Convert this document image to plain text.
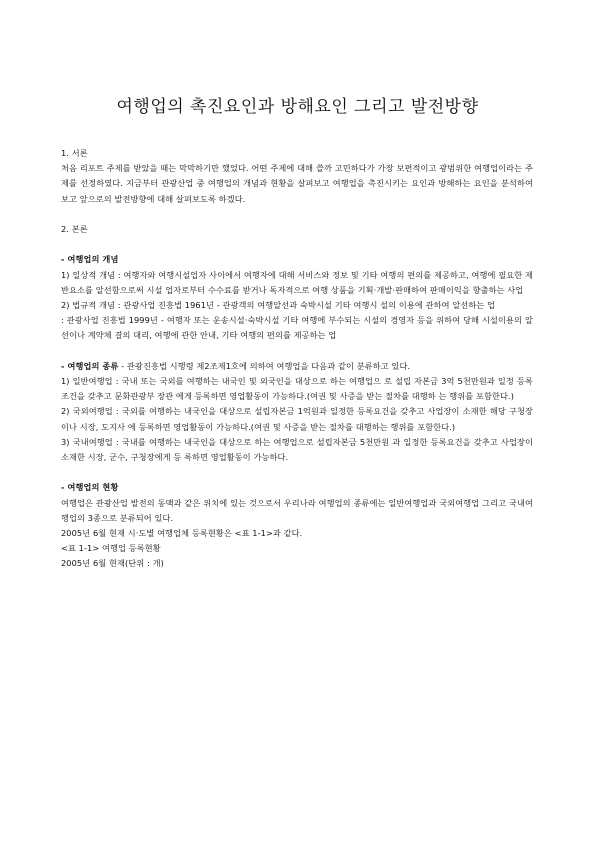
여행업의 촉진요인과 방해요인 그리고 발전방향

1. 서론

처음 리포트 주제를 받았을 때는 막막하기만 했었다. 어떤 주제에 대해 쓸까 고민하다가 가장 보편적이고 광범위한 여행업이라는 주제를 선정하였다. 지금부터 관광산업 중 여행업의 개념과 현황을 살펴보고 여행업을 촉진시키는 요인과 방해하는 요인을 분석하여보고 앞으로의 발전방향에 대해 살펴보도록 하겠다.

2. 본론

- 여행업의 개념

1) 일상적 개념 : 여행자와 여행시설업자 사이에서 여행자에 대해 서비스와 정보 및 기타 여행의 편의를 제공하고, 여행에 필요한 제반요소를 알선함으로써 시설 업자로부터 수수료를 받거나 독자적으로 여행 상품을 기획·개발·판매하여 판매이익을 향출하는 사업

2) 법규적 개념 : 관광사업 진흥법 1961년 - 관광객의 여행알선과 숙박시설 기타 여행시 설의 이용에 관하여 알선하는 업

: 관광사업 진흥법 1999년 - 여행자 또는 운송시설·숙박시설 기타 여행에 부수되는 시설의 경영자 등을 위하여 당해 시설이용의 알선이나 계약체 결의 대리, 여행에 관한 안내, 기타 여행의 편의를 제공하는 업

- 여행업의 종류 - 관광진흥법 시행령 제2조제1호에 의하여 여행업을 다음과 같이 분류하고 있다.

1) 일반여행업 : 국내 또는 국외를 여행하는 내국인 및 외국인을 대상으로 하는 여행업으 로 설립 자본금 3억 5천만원과 일정 등록조건을 갖추고 문화관광부 장관 에게 등록하면 영업활동이 가능하다.(여권 및 사증을 받는 절차를 대행하 는 행위를 포함한다.)

2) 국외여행업 : 국외를 여행하는 내국인을 대상으로 설립자본금 1억원과 일정한 등록요건을 갖추고 사업장이 소재한 해당 구청장이나 시장, 도지사 에 등록하면 영업활동이 가능하다.(여권 및 사증을 받는 절차를 대행하는 행위를 포함한다.)

3) 국내여행업 : 국내를 여행하는 내국인을 대상으로 하는 여행업으로 설립자본금 5천만원 과 일정한 등록요건을 갖추고 사업장이 소재한 시장, 군수, 구청장에게 등 록하면 영업활동이 가능하다.

- 여행업의 현황

여행업은 관광산업 발전의 동맥과 같은 위치에 있는 것으로서 우리나라 여행업의 종류에는 일반여행업과 국외여행업 그리고 국내여행업의 3종으로 분류되어 있다.

2005년 6월 현재 시·도별 여행업체 등록현황은 <표 1-1>과 같다.

<표 1-1> 여행업 등록현황

2005년 6월 현재(단위 : 개)
